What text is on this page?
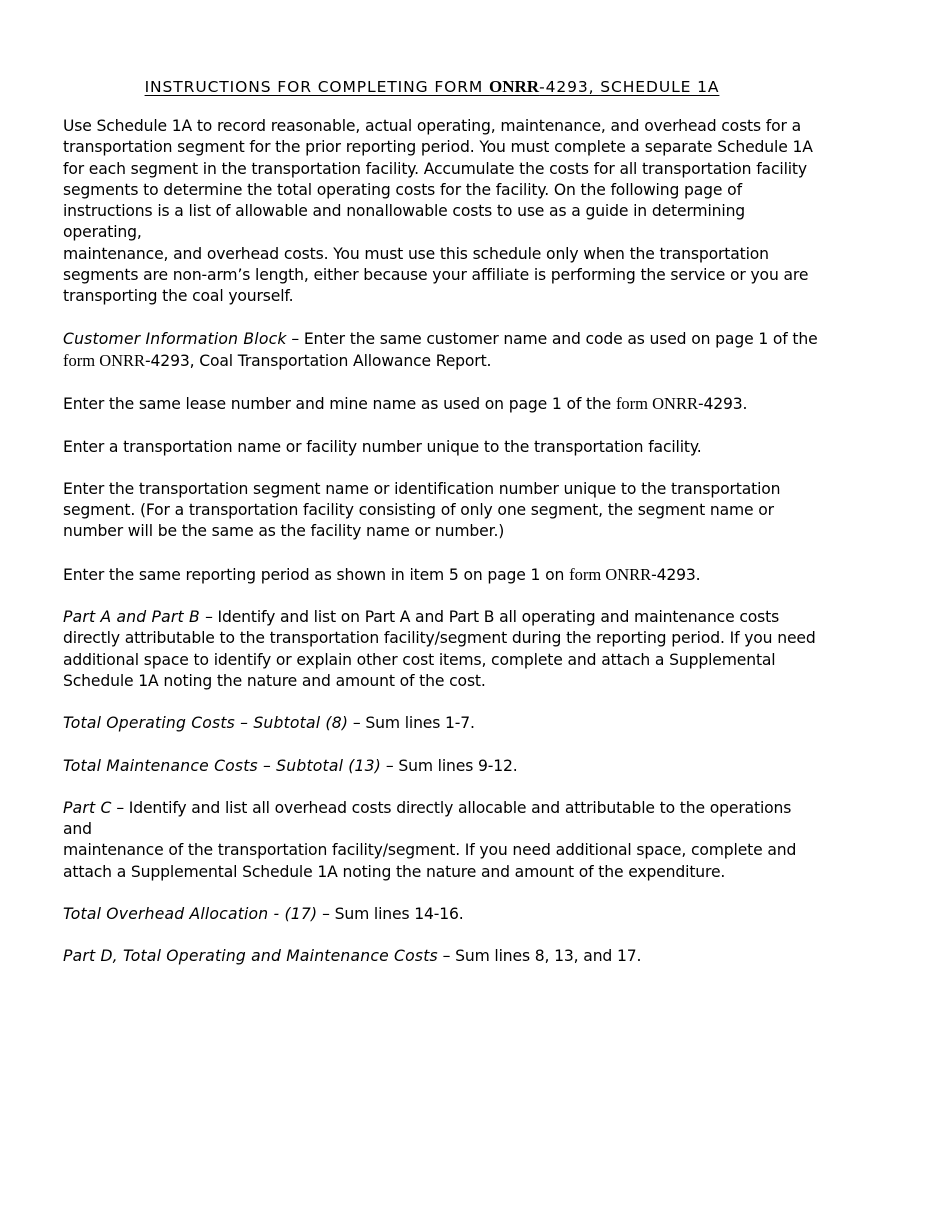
INSTRUCTIONS FOR COMPLETING FORM ONRR-4293, SCHEDULE 1A

Use Schedule 1A to record reasonable, actual operating, maintenance, and overhead costs for a
transportation segment for the prior reporting period. You must complete a separate Schedule 1A
for each segment in the transportation facility. Accumulate the costs for all transportation facility
segments to determine the total operating costs for the facility. On the following page of
instructions is a list of allowable and nonallowable costs to use as a guide in determining operating,
maintenance, and overhead costs. You must use this schedule only when the transportation
segments are non-arm’s length, either because your affiliate is performing the service or you are
transporting the coal yourself.

Customer Information Block – Enter the same customer name and code as used on page 1 of the
form ONRR-4293, Coal Transportation Allowance Report.

Enter the same lease number and mine name as used on page 1 of the form ONRR-4293.

Enter a transportation name or facility number unique to the transportation facility.

Enter the transportation segment name or identification number unique to the transportation
segment. (For a transportation facility consisting of only one segment, the segment name or
number will be the same as the facility name or number.)

Enter the same reporting period as shown in item 5 on page 1 on form ONRR-4293.

Part A and Part B – Identify and list on Part A and Part B all operating and maintenance costs
directly attributable to the transportation facility/segment during the reporting period. If you need
additional space to identify or explain other cost items, complete and attach a Supplemental
Schedule 1A noting the nature and amount of the cost.

Total Operating Costs – Subtotal (8) – Sum lines 1-7.

Total Maintenance Costs – Subtotal (13) – Sum lines 9-12.

Part C – Identify and list all overhead costs directly allocable and attributable to the operations and
maintenance of the transportation facility/segment. If you need additional space, complete and
attach a Supplemental Schedule 1A noting the nature and amount of the expenditure.

Total Overhead Allocation - (17) – Sum lines 14-16.

Part D, Total Operating and Maintenance Costs – Sum lines 8, 13, and 17.
